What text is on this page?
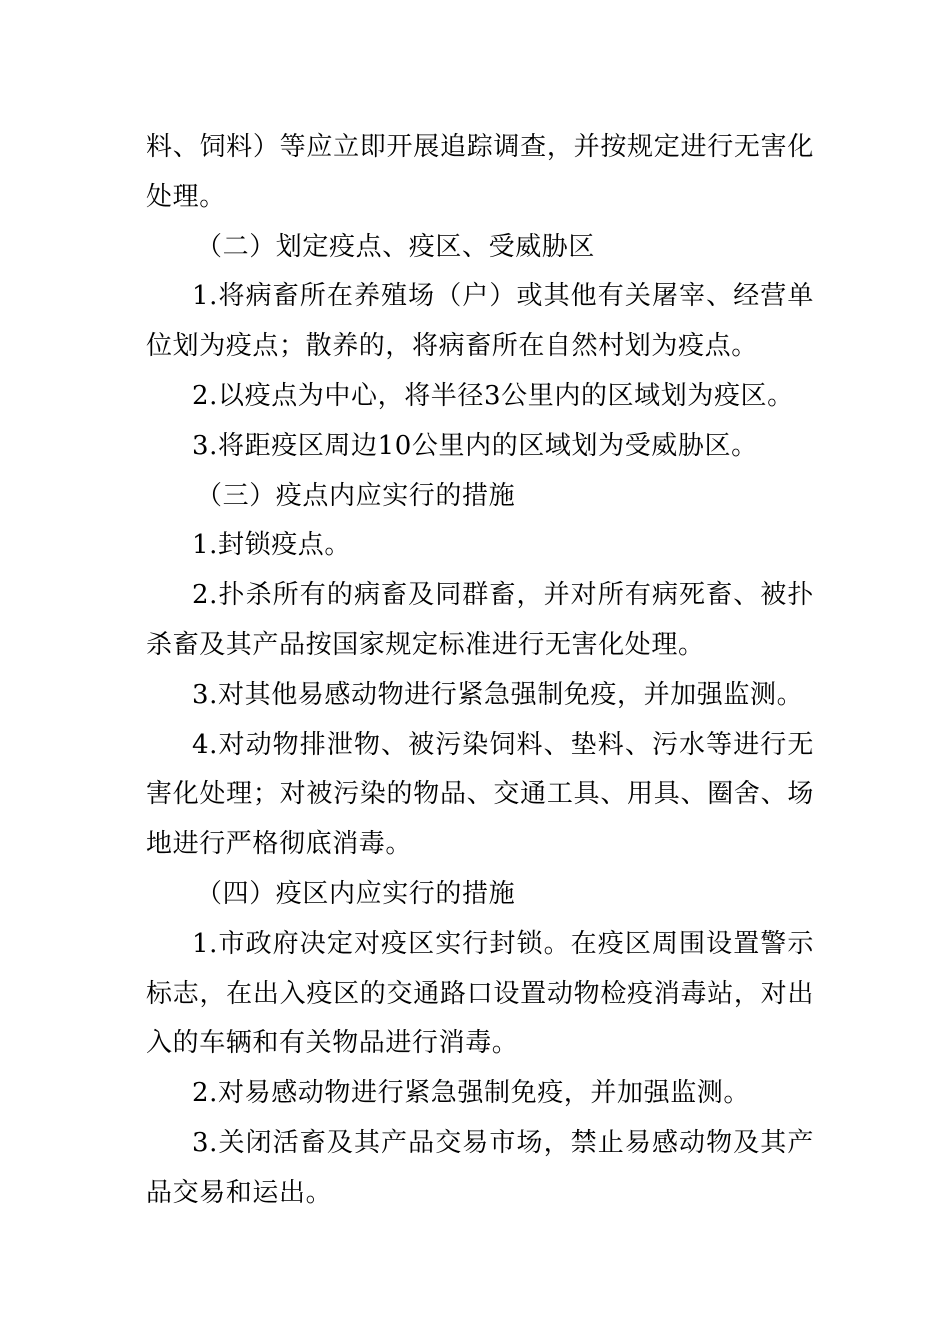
料、饲料）等应立即开展追踪调查，并按规定进行无害化处理。

（二）划定疫点、疫区、受威胁区

1.将病畜所在养殖场（户）或其他有关屠宰、经营单位划为疫点；散养的，将病畜所在自然村划为疫点。

2.以疫点为中心，将半径3公里内的区域划为疫区。

3.将距疫区周边10公里内的区域划为受威胁区。

（三）疫点内应实行的措施

1.封锁疫点。

2.扑杀所有的病畜及同群畜，并对所有病死畜、被扑杀畜及其产品按国家规定标准进行无害化处理。

3.对其他易感动物进行紧急强制免疫，并加强监测。

4.对动物排泄物、被污染饲料、垫料、污水等进行无害化处理；对被污染的物品、交通工具、用具、圈舍、场地进行严格彻底消毒。

（四）疫区内应实行的措施

1.市政府决定对疫区实行封锁。在疫区周围设置警示标志，在出入疫区的交通路口设置动物检疫消毒站，对出入的车辆和有关物品进行消毒。

2.对易感动物进行紧急强制免疫，并加强监测。

3.关闭活畜及其产品交易市场，禁止易感动物及其产品交易和运出。
